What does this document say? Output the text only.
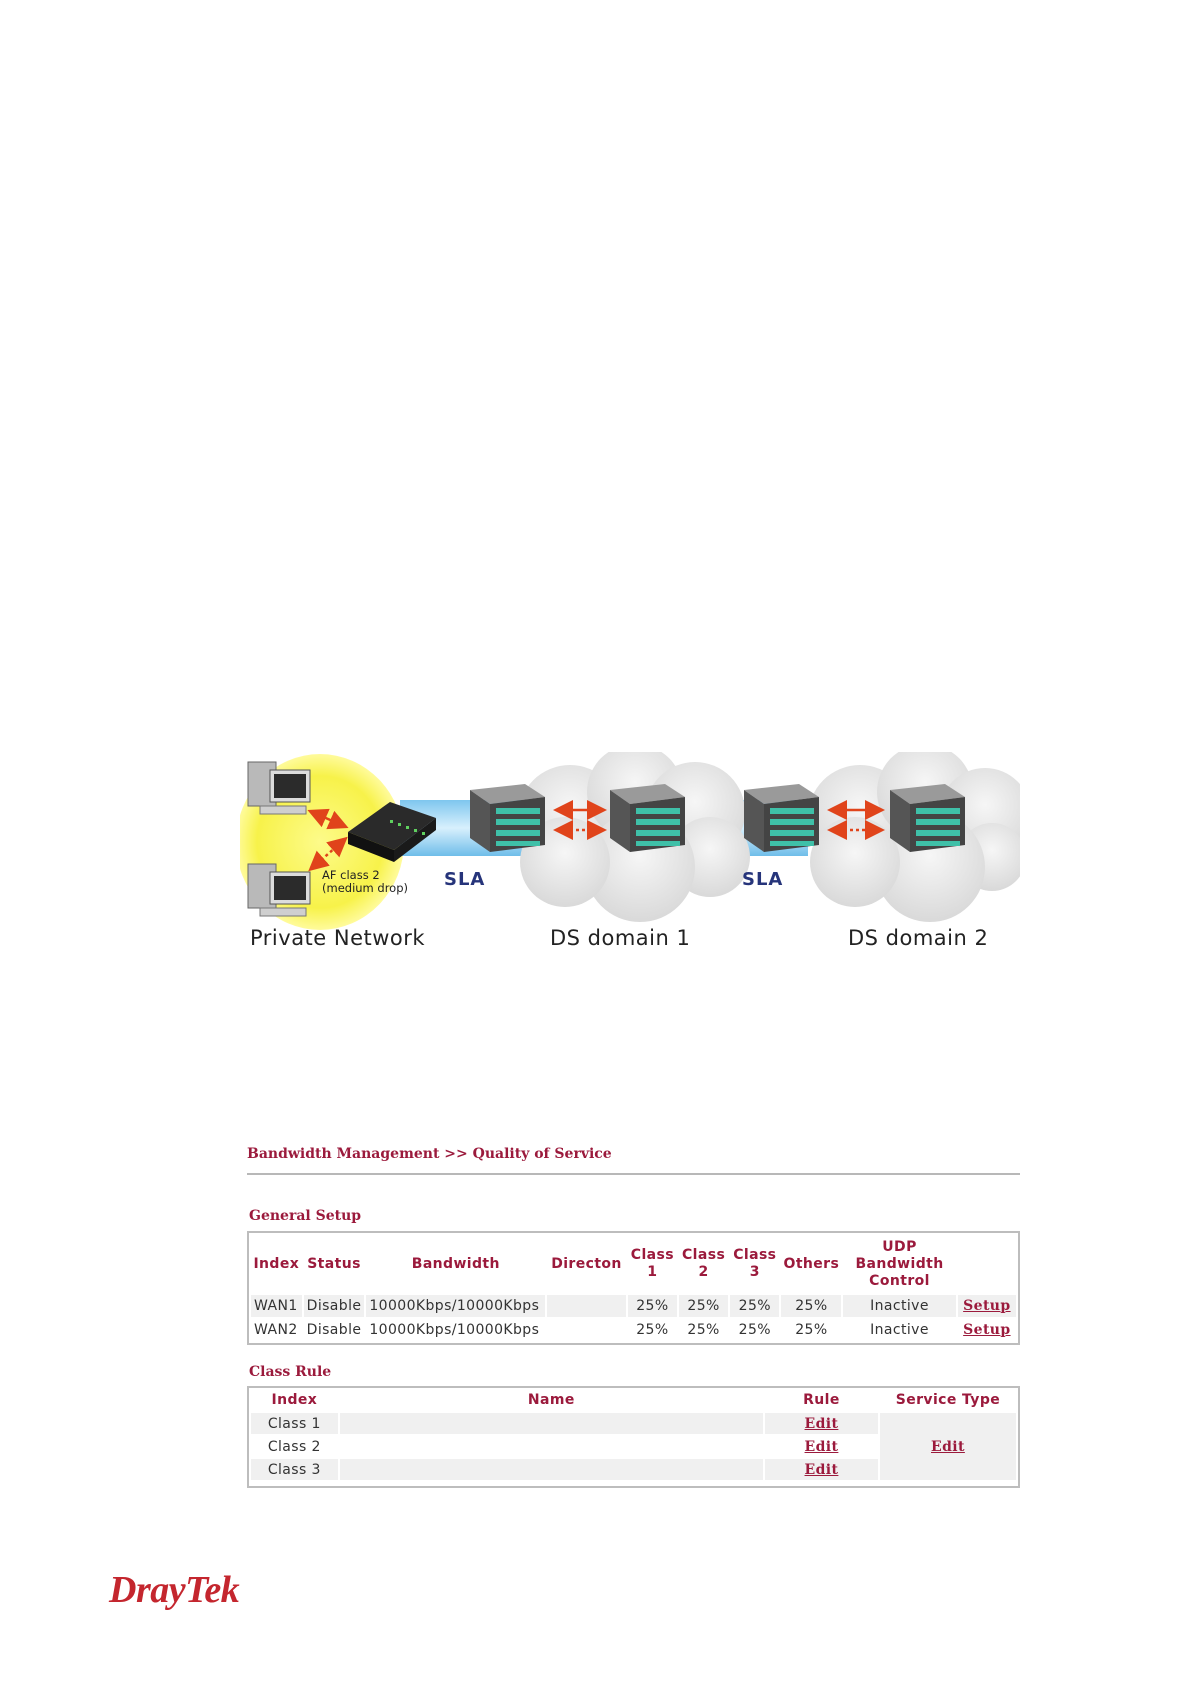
AF class 2
(medium drop) SLA	SLA
Private Network	DS domain 1	DS domain 2
Bandwidth Management >> Quality of Service
General Setup
Index	Status	Bandwidth	Directon	Class 1	Class 2	Class 3	Others	UDP Bandwidth Control	
WAN1	Disable	10000Kbps/10000Kbps		25%	25%	25%	25%	Inactive	Setup
WAN2	Disable	10000Kbps/10000Kbps		25%	25%	25%	25%	Inactive	Setup
Class Rule
Index	Name	Rule	Service Type
Class 1		Edit	Edit
Class 2		Edit	
Class 3		Edit	
DrayTek
